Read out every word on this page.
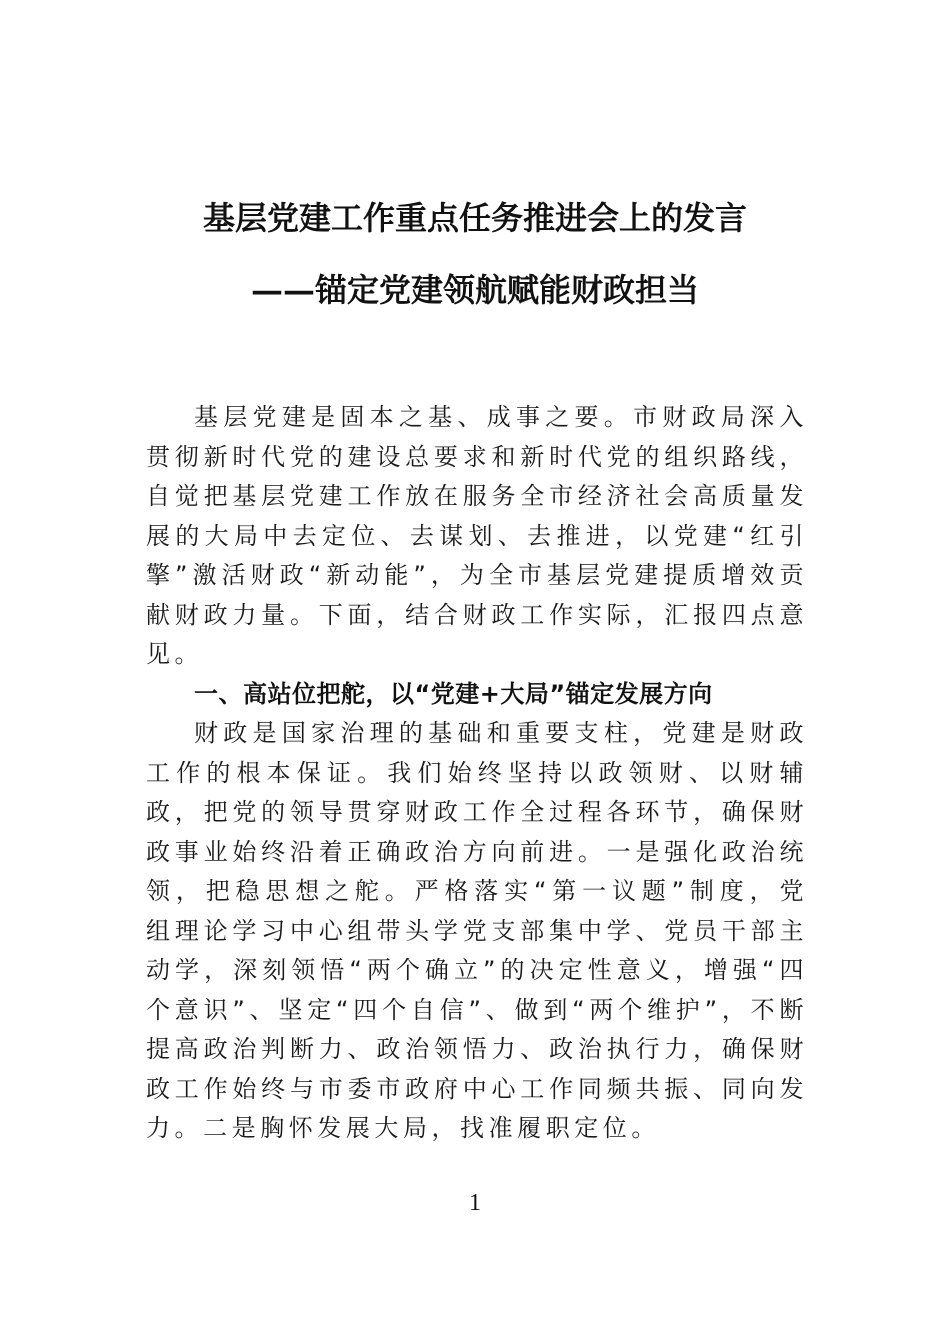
基层党建工作重点任务推进会上的发言
——锚定党建领航赋能财政担当

基层党建是固本之基、成事之要。市财政局深入贯彻新时代党的建设总要求和新时代党的组织路线，自觉把基层党建工作放在服务全市经济社会高质量发展的大局中去定位、去谋划、去推进，以党建“红引擎”激活财政“新动能”，为全市基层党建提质增效贡献财政力量。下面，结合财政工作实际，汇报四点意见。

一、高站位把舵，以“党建+大局”锚定发展方向

财政是国家治理的基础和重要支柱，党建是财政工作的根本保证。我们始终坚持以政领财、以财辅政，把党的领导贯穿财政工作全过程各环节，确保财政事业始终沿着正确政治方向前进。一是强化政治统领，把稳思想之舵。严格落实“第一议题”制度，党组理论学习中心组带头学党支部集中学、党员干部主动学，深刻领悟“两个确立”的决定性意义，增强“四个意识”、坚定“四个自信”、做到“两个维护”，不断提高政治判断力、政治领悟力、政治执行力，确保财政工作始终与市委市政府中心工作同频共振、同向发力。二是胸怀发展大局，找准履职定位。

1
